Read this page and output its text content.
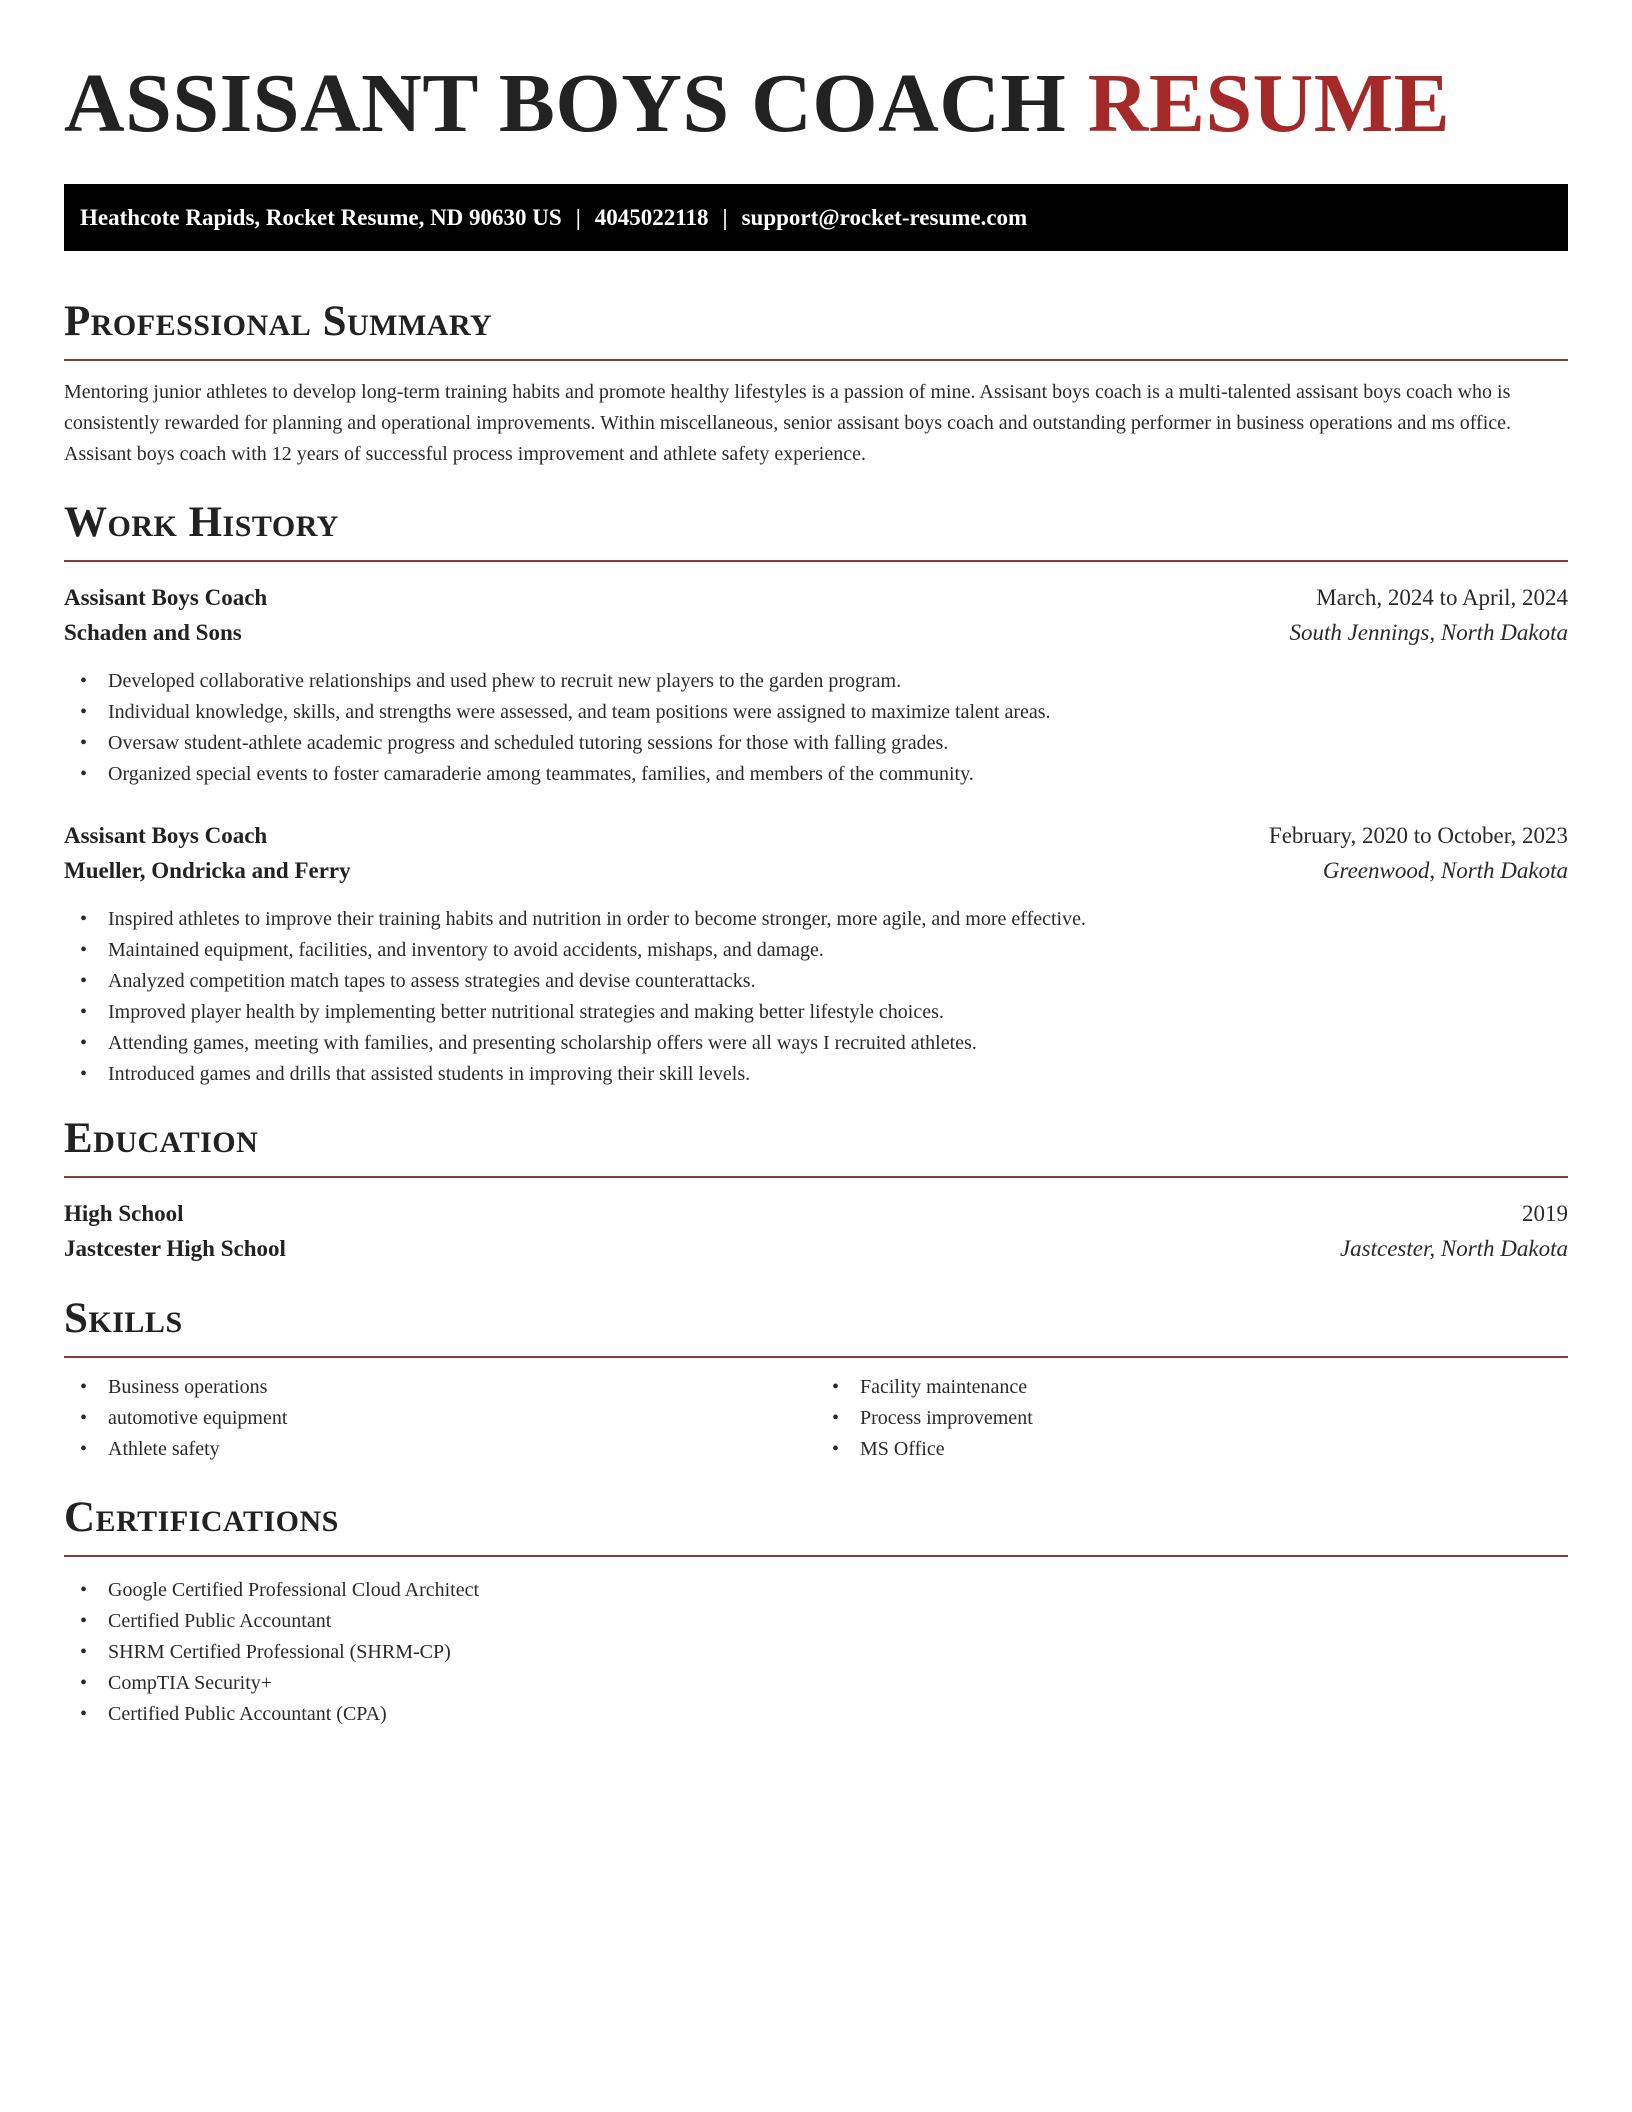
ASSISANT BOYS COACH RESUME
Heathcote Rapids, Rocket Resume, ND 90630 US | 4045022118 | support@rocket-resume.com
Professional Summary

Mentoring junior athletes to develop long-term training habits and promote healthy lifestyles is a passion of mine. Assisant boys coach is a multi-talented assisant boys coach who is consistently rewarded for planning and operational improvements. Within miscellaneous, senior assisant boys coach and outstanding performer in business operations and ms office. Assisant boys coach with 12 years of successful process improvement and athlete safety experience.

Work History
Assisant Boys Coach	March, 2024 to April, 2024
Schaden and Sons	South Jennings, North Dakota
• Developed collaborative relationships and used phew to recruit new players to the garden program.
• Individual knowledge, skills, and strengths were assessed, and team positions were assigned to maximize talent areas.
• Oversaw student-athlete academic progress and scheduled tutoring sessions for those with falling grades.
• Organized special events to foster camaraderie among teammates, families, and members of the community.
Assisant Boys Coach	February, 2020 to October, 2023
Mueller, Ondricka and Ferry	Greenwood, North Dakota
• Inspired athletes to improve their training habits and nutrition in order to become stronger, more agile, and more effective.
• Maintained equipment, facilities, and inventory to avoid accidents, mishaps, and damage.
• Analyzed competition match tapes to assess strategies and devise counterattacks.
• Improved player health by implementing better nutritional strategies and making better lifestyle choices.
• Attending games, meeting with families, and presenting scholarship offers were all ways I recruited athletes.
• Introduced games and drills that assisted students in improving their skill levels.
Education
High School	2019
Jastcester High School	Jastcester, North Dakota
Skills
• Business operations
• automotive equipment
• Athlete safety
• Facility maintenance
• Process improvement
• MS Office
Certifications
• Google Certified Professional Cloud Architect
• Certified Public Accountant
• SHRM Certified Professional (SHRM-CP)
• CompTIA Security+
• Certified Public Accountant (CPA)
